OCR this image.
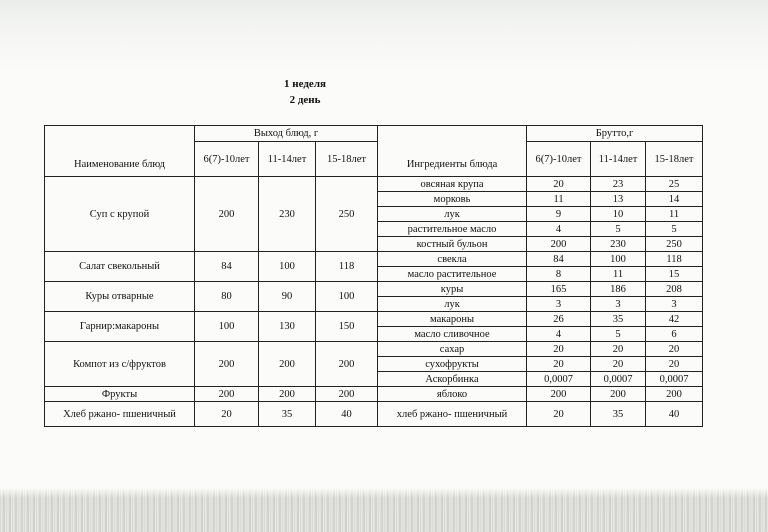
1 неделя
2 день
Наименование блюд	Выход блюд, г			Ингредиенты блюда	Брутто,г		
	6(7)-10лет	11-14лет	15-18лет		6(7)-10лет	11-14лет	15-18лет
Суп с крупой	200	230	250	овсяная крупа	20	23	25
				морковь	11	13	14
				лук	9	10	11
				растительное масло	4	5	5
				костный бульон	200	230	250
Салат свекольный	84	100	118	свекла	84	100	118
				масло растительное	8	11	15
Куры отварные	80	90	100	куры	165	186	208
				лук	3	3	3
Гарнир:макароны	100	130	150	макароны	26	35	42
				масло сливочное	4	5	6
Компот из с/фруктов	200	200	200	сахар	20	20	20
				сухофрукты	20	20	20
				Аскорбинка	0,0007	0,0007	0,0007
Фрукты	200	200	200	яблоко	200	200	200
Хлеб ржано- пшеничный	20	35	40	хлеб ржано- пшеничный	20	35	40
